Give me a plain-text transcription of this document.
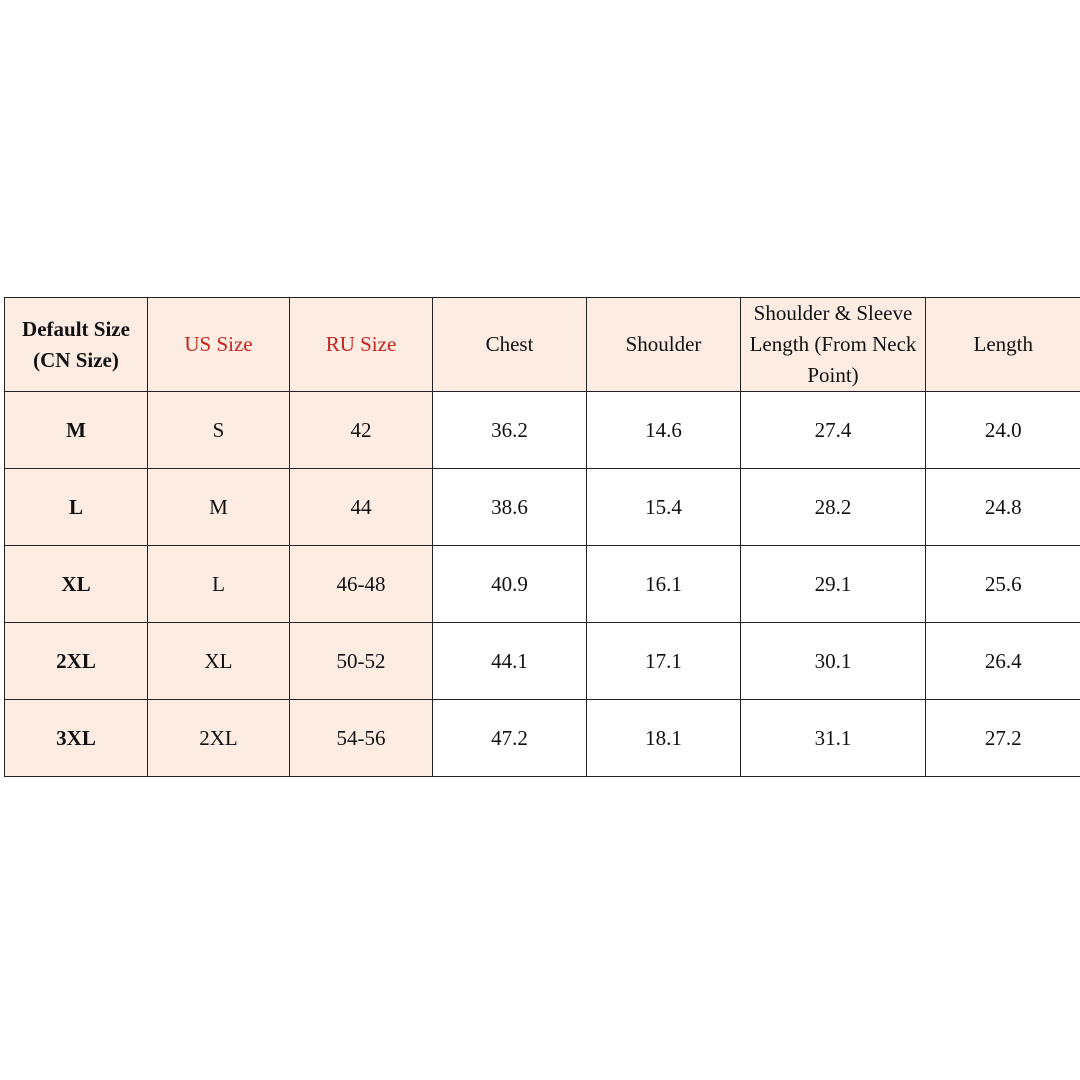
Default Size (CN Size)	US Size	RU Size	Chest	Shoulder	Shoulder & Sleeve Length (From Neck Point)	Length
M	S	42	36.2	14.6	27.4	24.0
L	M	44	38.6	15.4	28.2	24.8
XL	L	46-48	40.9	16.1	29.1	25.6
2XL	XL	50-52	44.1	17.1	30.1	26.4
3XL	2XL	54-56	47.2	18.1	31.1	27.2
